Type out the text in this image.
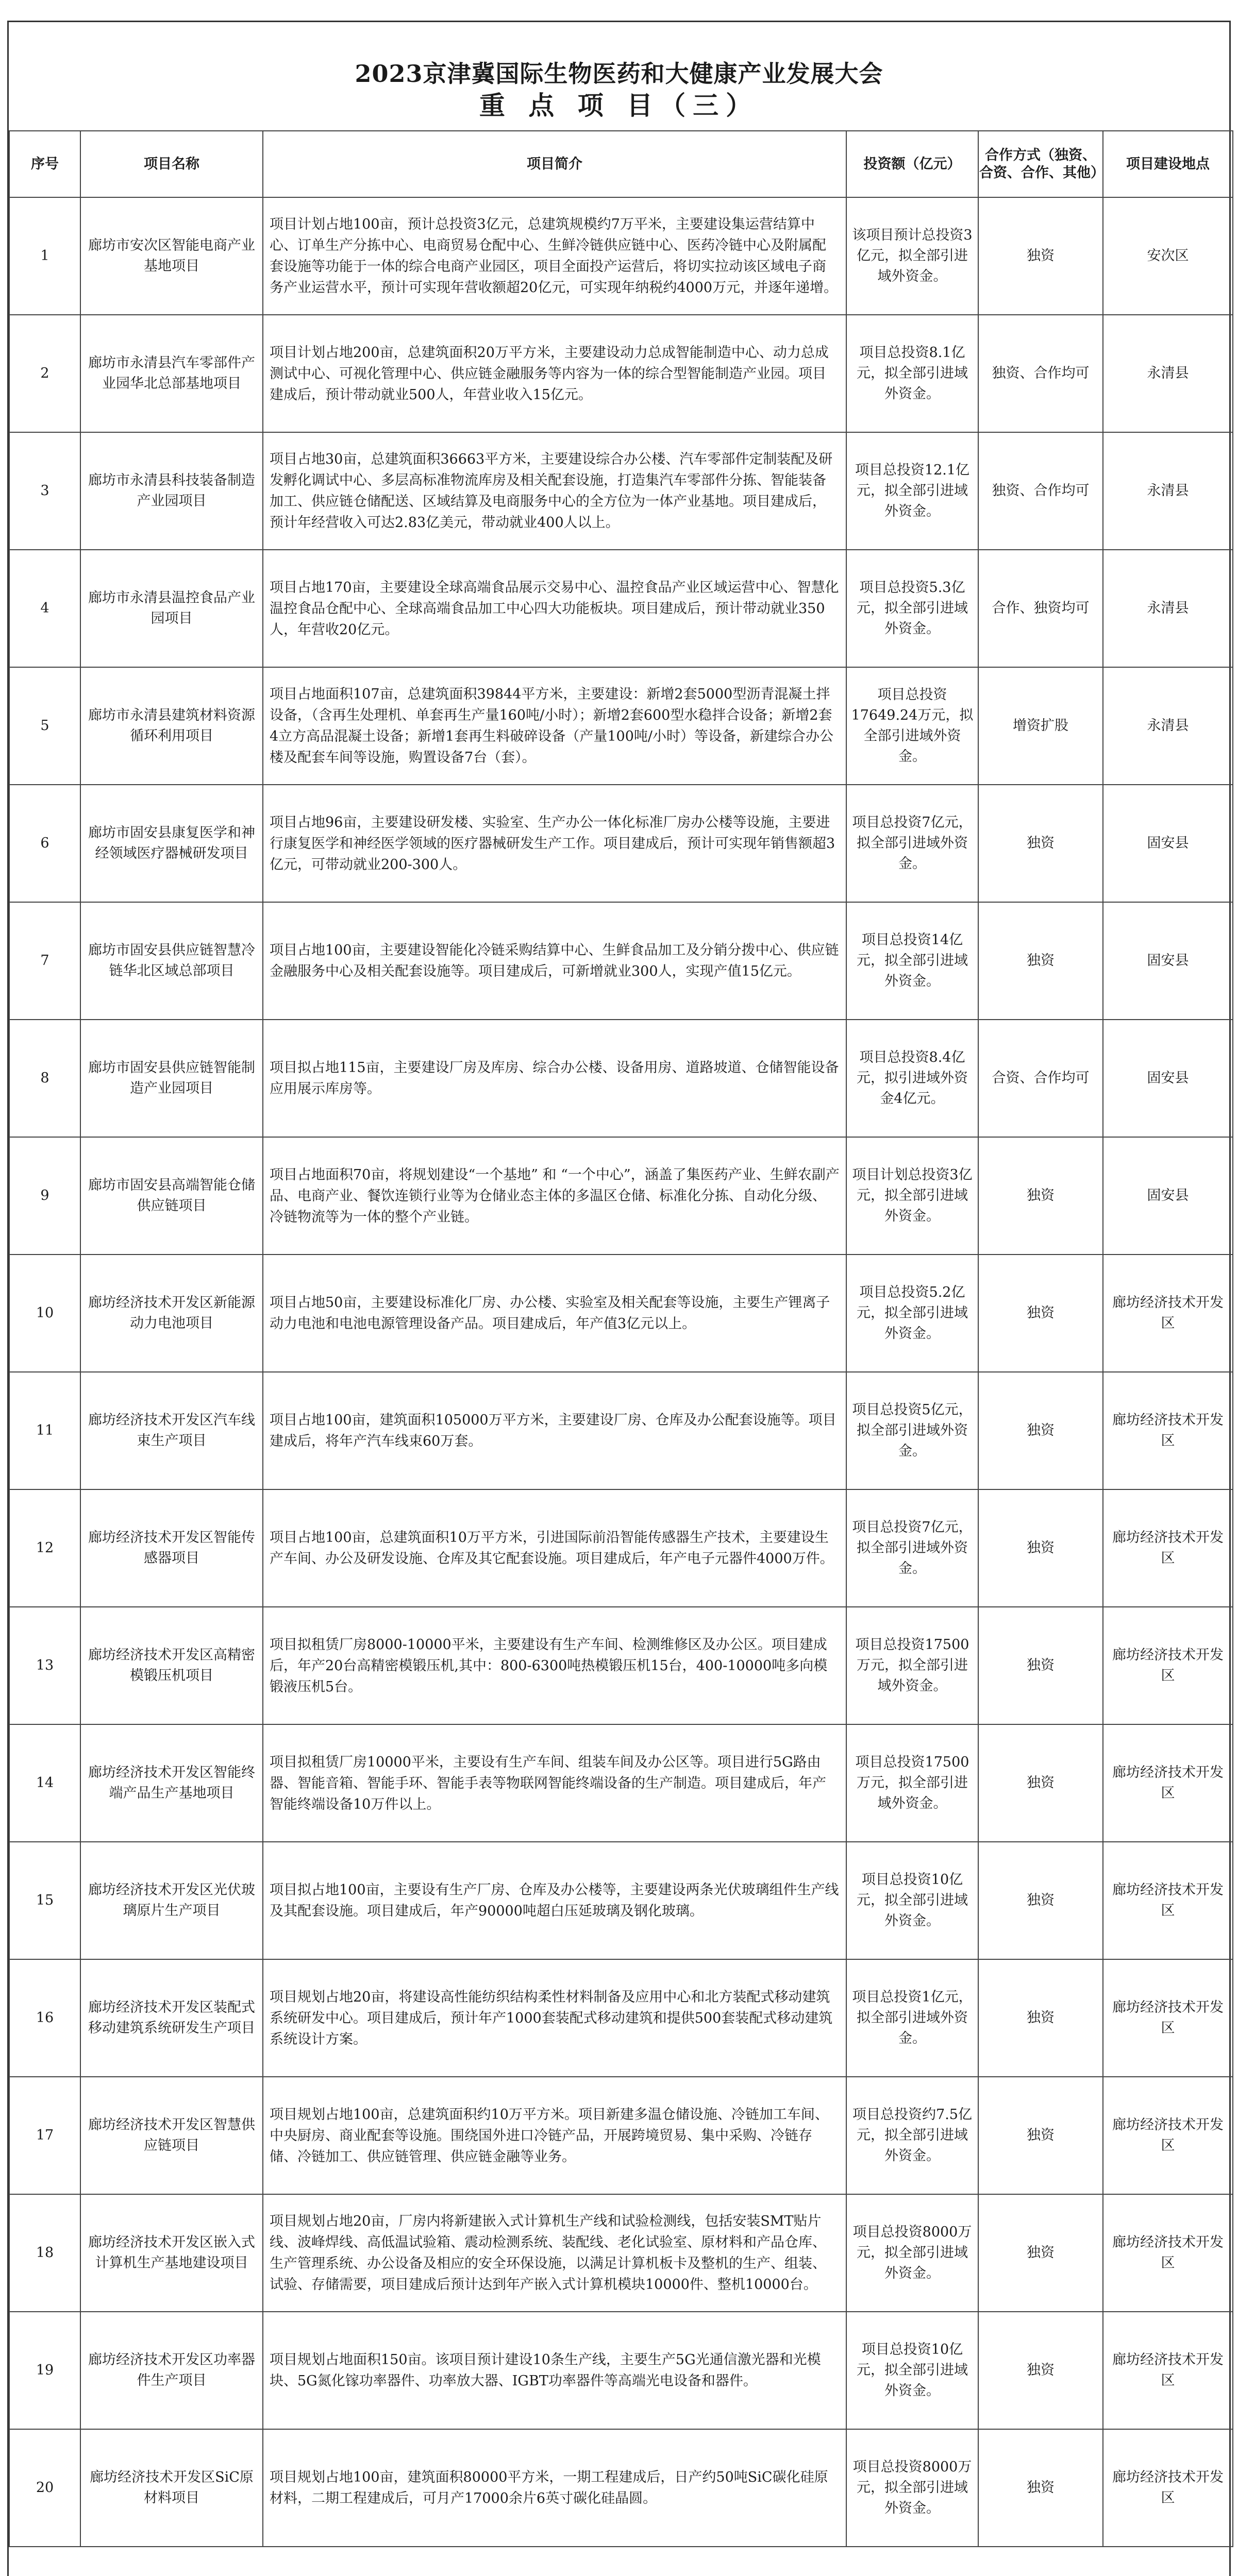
2023京津冀国际生物医药和大健康产业发展大会
重 点 项 目（三）
序号	项目名称	项目简介	投资额（亿元）	合作方式（独资、合资、合作、其他）	项目建设地点
1	廊坊市安次区智能电商产业基地项目	项目计划占地100亩，预计总投资3亿元，总建筑规模约7万平米，主要建设集运营结算中心、订单生产分拣中心、电商贸易仓配中心、生鲜冷链供应链中心、医药冷链中心及附属配套设施等功能于一体的综合电商产业园区，项目全面投产运营后，将切实拉动该区域电子商务产业运营水平，预计可实现年营收额超20亿元，可实现年纳税约4000万元，并逐年递增。	该项目预计总投资3亿元，拟全部引进域外资金。	独资	安次区
2	廊坊市永清县汽车零部件产业园华北总部基地项目	项目计划占地200亩，总建筑面积20万平方米，主要建设动力总成智能制造中心、动力总成测试中心、可视化管理中心、供应链金融服务等内容为一体的综合型智能制造产业园。项目建成后，预计带动就业500人，年营业收入15亿元。	项目总投资8.1亿元，拟全部引进域外资金。	独资、合作均可	永清县
3	廊坊市永清县科技装备制造产业园项目	项目占地30亩，总建筑面积36663平方米，主要建设综合办公楼、汽车零部件定制装配及研发孵化调试中心、多层高标准物流库房及相关配套设施，打造集汽车零部件分拣、智能装备加工、供应链仓储配送、区域结算及电商服务中心的全方位为一体产业基地。项目建成后，预计年经营收入可达2.83亿美元，带动就业400人以上。	项目总投资12.1亿元，拟全部引进域外资金。	独资、合作均可	永清县
4	廊坊市永清县温控食品产业园项目	项目占地170亩，主要建设全球高端食品展示交易中心、温控食品产业区域运营中心、智慧化温控食品仓配中心、全球高端食品加工中心四大功能板块。项目建成后，预计带动就业350人，年营收20亿元。	项目总投资5.3亿元，拟全部引进域外资金。	合作、独资均可	永清县
5	廊坊市永清县建筑材料资源循环利用项目	项目占地面积107亩，总建筑面积39844平方米，主要建设：新增2套5000型沥青混凝土拌设备，（含再生处理机、单套再生产量160吨/小时）；新增2套600型水稳拌合设备；新增2套4立方高品混凝土设备；新增1套再生料破碎设备（产量100吨/小时）等设备，新建综合办公楼及配套车间等设施，购置设备7台（套）。	项目总投资17649.24万元，拟全部引进域外资金。	增资扩股	永清县
6	廊坊市固安县康复医学和神经领域医疗器械研发项目	项目占地96亩，主要建设研发楼、实验室、生产办公一体化标准厂房办公楼等设施，主要进行康复医学和神经医学领域的医疗器械研发生产工作。项目建成后，预计可实现年销售额超3亿元，可带动就业200-300人。	项目总投资7亿元，拟全部引进域外资金。	独资	固安县
7	廊坊市固安县供应链智慧冷链华北区域总部项目	项目占地100亩，主要建设智能化冷链采购结算中心、生鲜食品加工及分销分拨中心、供应链金融服务中心及相关配套设施等。项目建成后，可新增就业300人，实现产值15亿元。	项目总投资14亿元，拟全部引进域外资金。	独资	固安县
8	廊坊市固安县供应链智能制造产业园项目	项目拟占地115亩，主要建设厂房及库房、综合办公楼、设备用房、道路坡道、仓储智能设备应用展示库房等。	项目总投资8.4亿元，拟引进域外资金4亿元。	合资、合作均可	固安县
9	廊坊市固安县高端智能仓储供应链项目	项目占地面积70亩，将规划建设“一个基地” 和 “一个中心”，涵盖了集医药产业、生鲜农副产品、电商产业、餐饮连锁行业等为仓储业态主体的多温区仓储、标准化分拣、自动化分级、冷链物流等为一体的整个产业链。	项目计划总投资3亿元，拟全部引进域外资金。	独资	固安县
10	廊坊经济技术开发区新能源动力电池项目	项目占地50亩，主要建设标准化厂房、办公楼、实验室及相关配套等设施，主要生产锂离子动力电池和电池电源管理设备产品。项目建成后，年产值3亿元以上。	项目总投资5.2亿元，拟全部引进域外资金。	独资	廊坊经济技术开发区
11	廊坊经济技术开发区汽车线束生产项目	项目占地100亩，建筑面积105000万平方米，主要建设厂房、仓库及办公配套设施等。项目建成后，将年产汽车线束60万套。	项目总投资5亿元，拟全部引进域外资金。	独资	廊坊经济技术开发区
12	廊坊经济技术开发区智能传感器项目	项目占地100亩，总建筑面积10万平方米，引进国际前沿智能传感器生产技术，主要建设生产车间、办公及研发设施、仓库及其它配套设施。项目建成后，年产电子元器件4000万件。	项目总投资7亿元，拟全部引进域外资金。	独资	廊坊经济技术开发区
13	廊坊经济技术开发区高精密模锻压机项目	项目拟租赁厂房8000-10000平米，主要建设有生产车间、检测维修区及办公区。项目建成后，年产20台高精密模锻压机,其中：800-6300吨热模锻压机15台，400-10000吨多向模锻液压机5台。	项目总投资17500万元，拟全部引进域外资金。	独资	廊坊经济技术开发区
14	廊坊经济技术开发区智能终端产品生产基地项目	项目拟租赁厂房10000平米，主要设有生产车间、组装车间及办公区等。项目进行5G路由器、智能音箱、智能手环、智能手表等物联网智能终端设备的生产制造。项目建成后，年产智能终端设备10万件以上。	项目总投资17500万元，拟全部引进域外资金。	独资	廊坊经济技术开发区
15	廊坊经济技术开发区光伏玻璃原片生产项目	项目拟占地100亩，主要设有生产厂房、仓库及办公楼等，主要建设两条光伏玻璃组件生产线及其配套设施。项目建成后，年产90000吨超白压延玻璃及钢化玻璃。	项目总投资10亿元，拟全部引进域外资金。	独资	廊坊经济技术开发区
16	廊坊经济技术开发区装配式移动建筑系统研发生产项目	项目规划占地20亩，将建设高性能纺织结构柔性材料制备及应用中心和北方装配式移动建筑系统研发中心。项目建成后，预计年产1000套装配式移动建筑和提供500套装配式移动建筑系统设计方案。	项目总投资1亿元，拟全部引进域外资金。	独资	廊坊经济技术开发区
17	廊坊经济技术开发区智慧供应链项目	项目规划占地100亩，总建筑面积约10万平方米。项目新建多温仓储设施、冷链加工车间、中央厨房、商业配套等设施。围绕国外进口冷链产品，开展跨境贸易、集中采购、冷链存储、冷链加工、供应链管理、供应链金融等业务。	项目总投资约7.5亿元，拟全部引进域外资金。	独资	廊坊经济技术开发区
18	廊坊经济技术开发区嵌入式计算机生产基地建设项目	项目规划占地20亩，厂房内将新建嵌入式计算机生产线和试验检测线，包括安装SMT贴片线、波峰焊线、高低温试验箱、震动检测系统、装配线、老化试验室、原材料和产品仓库、生产管理系统、办公设备及相应的安全环保设施，以满足计算机板卡及整机的生产、组装、试验、存储需要，项目建成后预计达到年产嵌入式计算机模块10000件、整机10000台。	项目总投资8000万元，拟全部引进域外资金。	独资	廊坊经济技术开发区
19	廊坊经济技术开发区功率器件生产项目	项目规划占地面积150亩。该项目预计建设10条生产线，主要生产5G光通信激光器和光模块、5G氮化镓功率器件、功率放大器、IGBT功率器件等高端光电设备和器件。	项目总投资10亿元，拟全部引进域外资金。	独资	廊坊经济技术开发区
20	廊坊经济技术开发区SiC原材料项目	项目规划占地100亩，建筑面积80000平方米，一期工程建成后，日产约50吨SiC碳化硅原材料，二期工程建成后，可月产17000余片6英寸碳化硅晶圆。	项目总投资8000万元，拟全部引进域外资金。	独资	廊坊经济技术开发区
